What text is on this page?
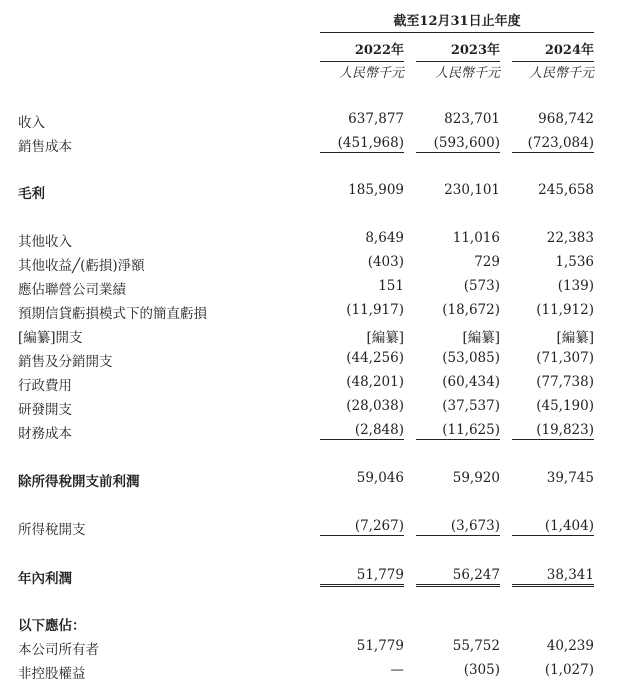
截至12月31日止年度
2022年	2023年	2024年
人民幣千元	人民幣千元	人民幣千元
收入	637,877	823,701	968,742
銷售成本	(451,968)	(593,600)	(723,084)
毛利	185,909	230,101	245,658
其他收入	8,649	11,016	22,383
其他收益╱(虧損)淨額	(403)	729	1,536
應佔聯營公司業績	151	(573)	(139)
預期信貸虧損模式下的簡直虧損	(11,917)	(18,672)	(11,912)
[編纂]開支	[編纂]	[編纂]	[編纂]
銷售及分銷開支	(44,256)	(53,085)	(71,307)
行政費用	(48,201)	(60,434)	(77,738)
研發開支	(28,038)	(37,537)	(45,190)
財務成本	(2,848)	(11,625)	(19,823)
除所得稅開支前利潤	59,046	59,920	39,745
所得稅開支	(7,267)	(3,673)	(1,404)
年內利潤	51,779	56,247	38,341
以下應佔：
本公司所有者	51,779	55,752	40,239
非控股權益	—	(305)	(1,027)
